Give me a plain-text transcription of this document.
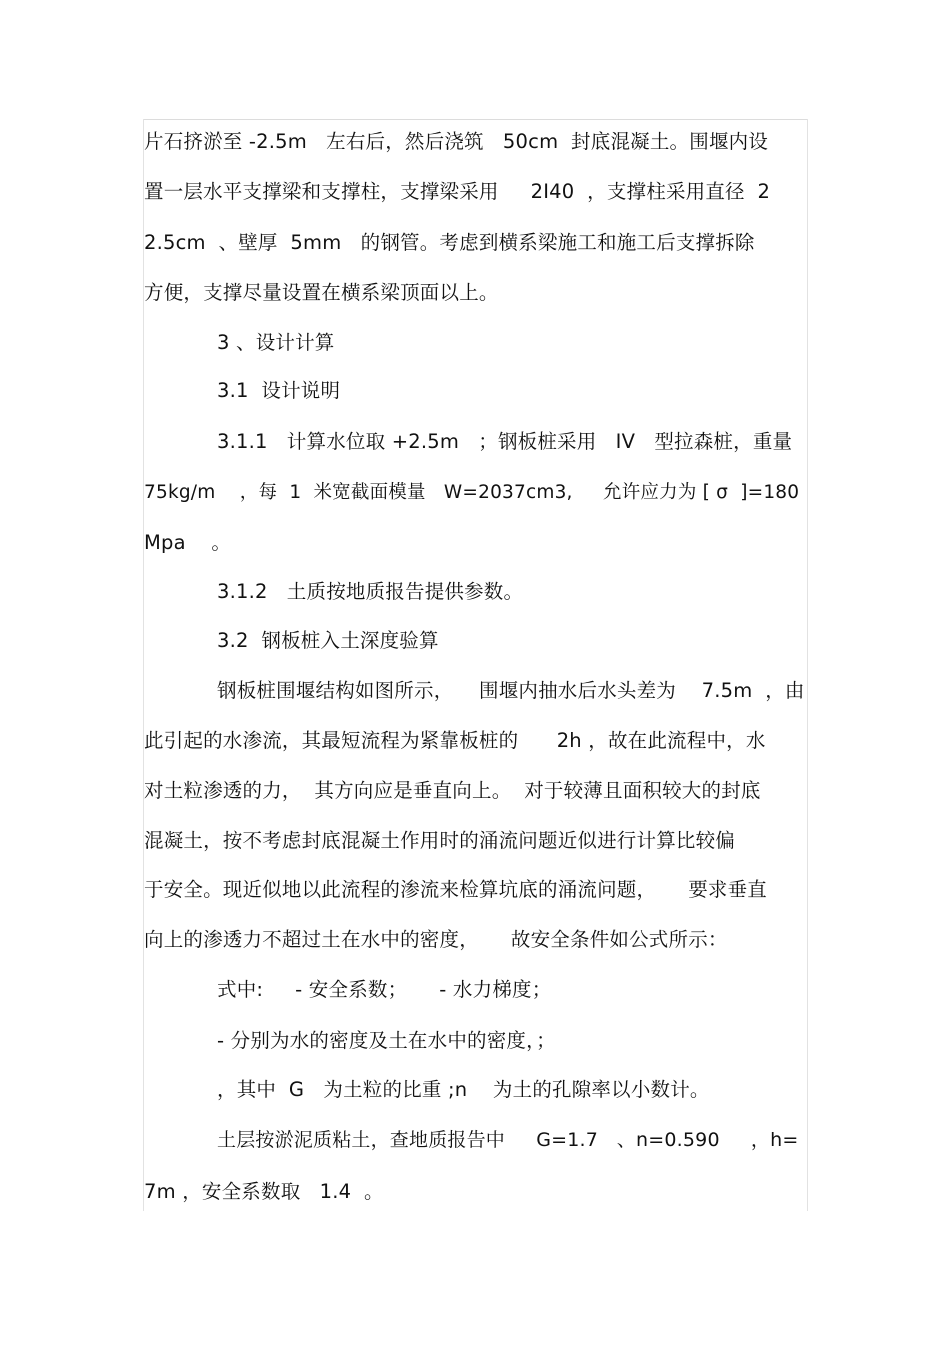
片石挤淤至 -2.5m   左右后，然后浇筑   50cm  封底混凝土。围堰内设
置一层水平支撑梁和支撑柱，支撑梁采用     2I40  ，支撑柱采用直径  2
2.5cm  、壁厚  5mm   的钢管。考虑到横系梁施工和施工后支撑拆除
方便，支撑尽量设置在横系梁顶面以上。
3 、设计计算
3.1  设计说明
3.1.1   计算水位取 +2.5m   ；钢板桩采用   IV   型拉森桩，重量
75kg/m    ，每  1  米宽截面模量   W=2037cm3,     允许应力为 [ σ  ]=180
Mpa    。
3.1.2   土质按地质报告提供参数。
3.2  钢板桩入土深度验算
钢板桩围堰结构如图所示，    围堰内抽水后水头差为    7.5m  ，由
此引起的水渗流，其最短流程为紧靠板桩的      2h ，故在此流程中，水
对土粒渗透的力，  其方向应是垂直向上。  对于较薄且面积较大的封底
混凝土，按不考虑封底混凝土作用时的涌流问题近似进行计算比较偏
于安全。现近似地以此流程的渗流来检算坑底的涌流问题，     要求垂直
向上的渗透力不超过土在水中的密度，     故安全条件如公式所示：
式中:     - 安全系数；     - 水力梯度；
- 分别为水的密度及土在水中的密度，；
，其中  G   为土粒的比重 ;n    为土的孔隙率以小数计。
土层按淤泥质粘土，查地质报告中     G=1.7   、n=0.590     ，h=
7m ，安全系数取   1.4  。
